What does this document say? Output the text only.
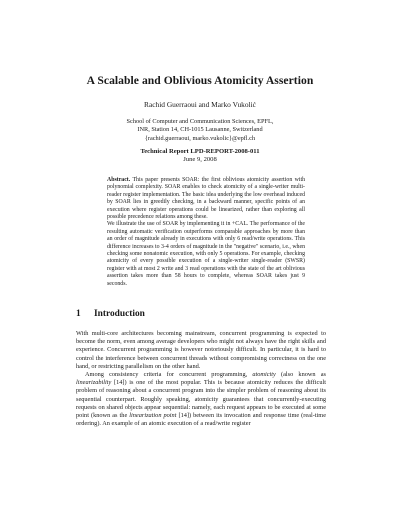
A Scalable and Oblivious Atomicity Assertion
Rachid Guerraoui and Marko Vukolić
School of Computer and Communication Sciences, EPFL,
INR, Station 14, CH-1015 Lausanne, Switzerland
{rachid.guerraoui, marko.vukolic}@epfl.ch
Technical Report LPD-REPORT-2008-011
June 9, 2008

Abstract. This paper presents SOAR: the first oblivious atomicity assertion with polynomial complexity. SOAR enables to check atomicity of a single-writer multi-reader register implementation. The basic idea underlying the low overhead induced by SOAR lies in greedily checking, in a backward manner, specific points of an execution where register operations could be linearized, rather than exploring all possible precedence relations among these.

We illustrate the use of SOAR by implementing it in +CAL. The performance of the resulting automatic verification outperforms comparable approaches by more than an order of magnitude already in executions with only 6 read/write operations. This difference increases to 3-4 orders of magnitude in the "negative" scenario, i.e., when checking some nonatomic execution, with only 5 operations. For example, checking atomicity of every possible execution of a single-writer single-reader (SWSR) register with at most 2 write and 3 read operations with the state of the art oblivious assertion takes more than 58 hours to complete, whereas SOAR takes just 9 seconds.

1 Introduction

With multi-core architectures becoming mainstream, concurrent programming is expected to become the norm, even among average developers who might not always have the right skills and experience. Concurrent programming is however notoriously difficult. In particular, it is hard to control the interference between concurrent threads without compromising correctness on the one hand, or restricting parallelism on the other hand.

Among consistency criteria for concurrent programming, atomicity (also known as linearizability [14]) is one of the most popular. This is because atomicity reduces the difficult problem of reasoning about a concurrent program into the simpler problem of reasoning about its sequential counterpart. Roughly speaking, atomicity guarantees that concurrently-executing requests on shared objects appear sequential: namely, each request appears to be executed at some point (known as the linearization point [14]) between its invocation and response time (real-time ordering). An example of an atomic execution of a read/write register
